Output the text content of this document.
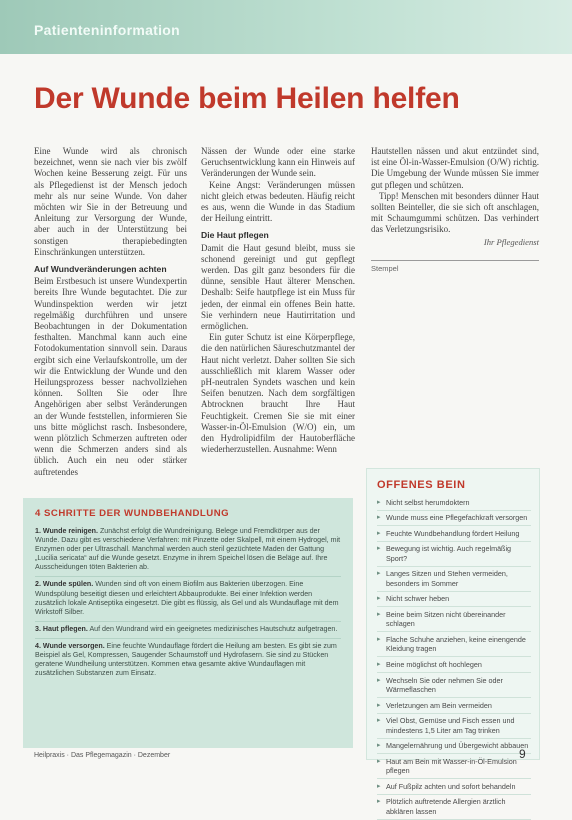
Patienteninformation
Der Wunde beim Heilen helfen

Eine Wunde wird als chronisch bezeichnet, wenn sie nach vier bis zwölf Wochen keine Besserung zeigt. Für uns als Pflegedienst ist der Mensch jedoch mehr als nur seine Wunde. Von daher möchten wir Sie in der Betreuung und Anleitung zur Versorgung der Wunde, aber auch in der Unterstützung bei sonstigen therapiebedingten Einschränkungen unterstützen.

Auf Wundveränderungen achten

Beim Erstbesuch ist unsere Wundexpertin bereits Ihre Wunde begutachtet. Die zur Wundinspektion werden wir jetzt regelmäßig durchführen und unsere Beobachtungen in der Dokumentation festhalten. Manchmal kann auch eine Fotodokumentation sinnvoll sein. Daraus ergibt sich eine Verlaufskontrolle, um der wir die Entwicklung der Wunde und den Heilungsprozess besser nachvollziehen können. Sollten Sie oder Ihre Angehörigen aber selbst Veränderungen an der Wunde feststellen, informieren Sie uns bitte möglichst rasch. Insbesondere, wenn plötzlich Schmerzen auftreten oder wenn die Schmerzen anders sind als üblich. Auch ein neu oder stärker auftretendes

Nässen der Wunde oder eine starke Geruchsentwicklung kann ein Hinweis auf Veränderungen der Wunde sein.

Keine Angst: Veränderungen müssen nicht gleich etwas bedeuten. Häufig reicht es aus, wenn die Wunde in das Stadium der Heilung eintritt.

Die Haut pflegen

Damit die Haut gesund bleibt, muss sie schonend gereinigt und gut gepflegt werden. Das gilt ganz besonders für die dünne, sensible Haut älterer Menschen. Deshalb: Seife hautpflege ist ein Muss für jeden, der einmal ein offenes Bein hatte. Sie verhindern neue Hautirritation und ermöglichen.

Ein guter Schutz ist eine Körperpflege, die den natürlichen Säureschutzmantel der Haut nicht verletzt. Daher sollten Sie sich ausschließlich mit klarem Wasser oder pH-neutralen Syndets waschen und kein Seifen benutzen. Nach dem sorgfältigen Abtrocknen braucht Ihre Haut Feuchtigkeit. Cremen Sie sie mit einer Wasser-in-Öl-Emulsion (W/O) ein, um den Hydrolipidfilm der Hautoberfläche wiederherzustellen. Ausnahme: Wenn

Hautstellen nässen und akut entzündet sind, ist eine Öl-in-Wasser-Emulsion (O/W) richtig. Die Umgebung der Wunde müssen Sie immer gut pflegen und schützen.

Tipp! Menschen mit besonders dünner Haut sollten Beinteller, die sie sich oft anschlagen, mit Schaumgummi schützen. Das verhindert das Verletzungsrisiko.

Ihr Pflegedienst
Stempel
OFFENES BEIN
▸ Nicht selbst herumdoktern
▸ Wunde muss eine Pflegefachkraft versorgen
▸ Feuchte Wundbehandlung fördert Heilung
▸ Bewegung ist wichtig. Auch regelmäßig Sport?
▸ Langes Sitzen und Stehen vermeiden, besonders im Sommer
▸ Nicht schwer heben
▸ Beine beim Sitzen nicht übereinander schlagen
▸ Flache Schuhe anziehen, keine einengende Kleidung tragen
▸ Beine möglichst oft hochlegen
▸ Wechseln Sie oder nehmen Sie oder Wärmeflaschen
▸ Verletzungen am Bein vermeiden
▸ Viel Obst, Gemüse und Fisch essen und mindestens 1,5 Liter am Tag trinken
▸ Mangelernährung und Übergewicht abbauen
▸ Haut am Bein mit Wasser-in-Öl-Emulsion pflegen
▸ Auf Fußpilz achten und sofort behandeln
▸ Plötzlich auftretende Allergien ärztlich abklären lassen
4 SCHRITTE DER WUNDBEHANDLUNG
1. Wunde reinigen. Zunächst erfolgt die Wundreinigung. Belege und Fremdkörper aus der Wunde. Dazu gibt es verschiedene Verfahren: mit Pinzette oder Skalpell, mit einem Hydrogel, mit Enzymen oder per Ultraschall. Manchmal werden auch steril gezüchtete Maden der Gattung „Lucilia sericata“ auf die Wunde gesetzt. Enzyme in ihrem Speichel lösen die Beläge auf. Ihre Ausscheidungen töten Bakterien ab.
2. Wunde spülen. Wunden sind oft von einem Biofilm aus Bakterien überzogen. Eine Wundspülung beseitigt diesen und erleichtert Abbauprodukte. Bei einer Infektion werden zusätzlich lokale Antiseptika eingesetzt. Die gibt es flüssig, als Gel und als Wundauflage mit dem Wirkstoff Silber.
3. Haut pflegen. Auf den Wundrand wird ein geeignetes medizinisches Hautschutz aufgetragen.
4. Wunde versorgen. Eine feuchte Wundauflage fördert die Heilung am besten. Es gibt sie zum Beispiel als Gel, Kompressen, Saugender Schaumstoff und Hydrofasern. Sie sind zu Stücken geratene Wundheilung unterstützen. Kommen etwa gesamte aktive Wundauflagen mit zusätzlichen Substanzen zum Einsatz.
Heilpraxis · Das Pflegemagazin · Dezember	9
